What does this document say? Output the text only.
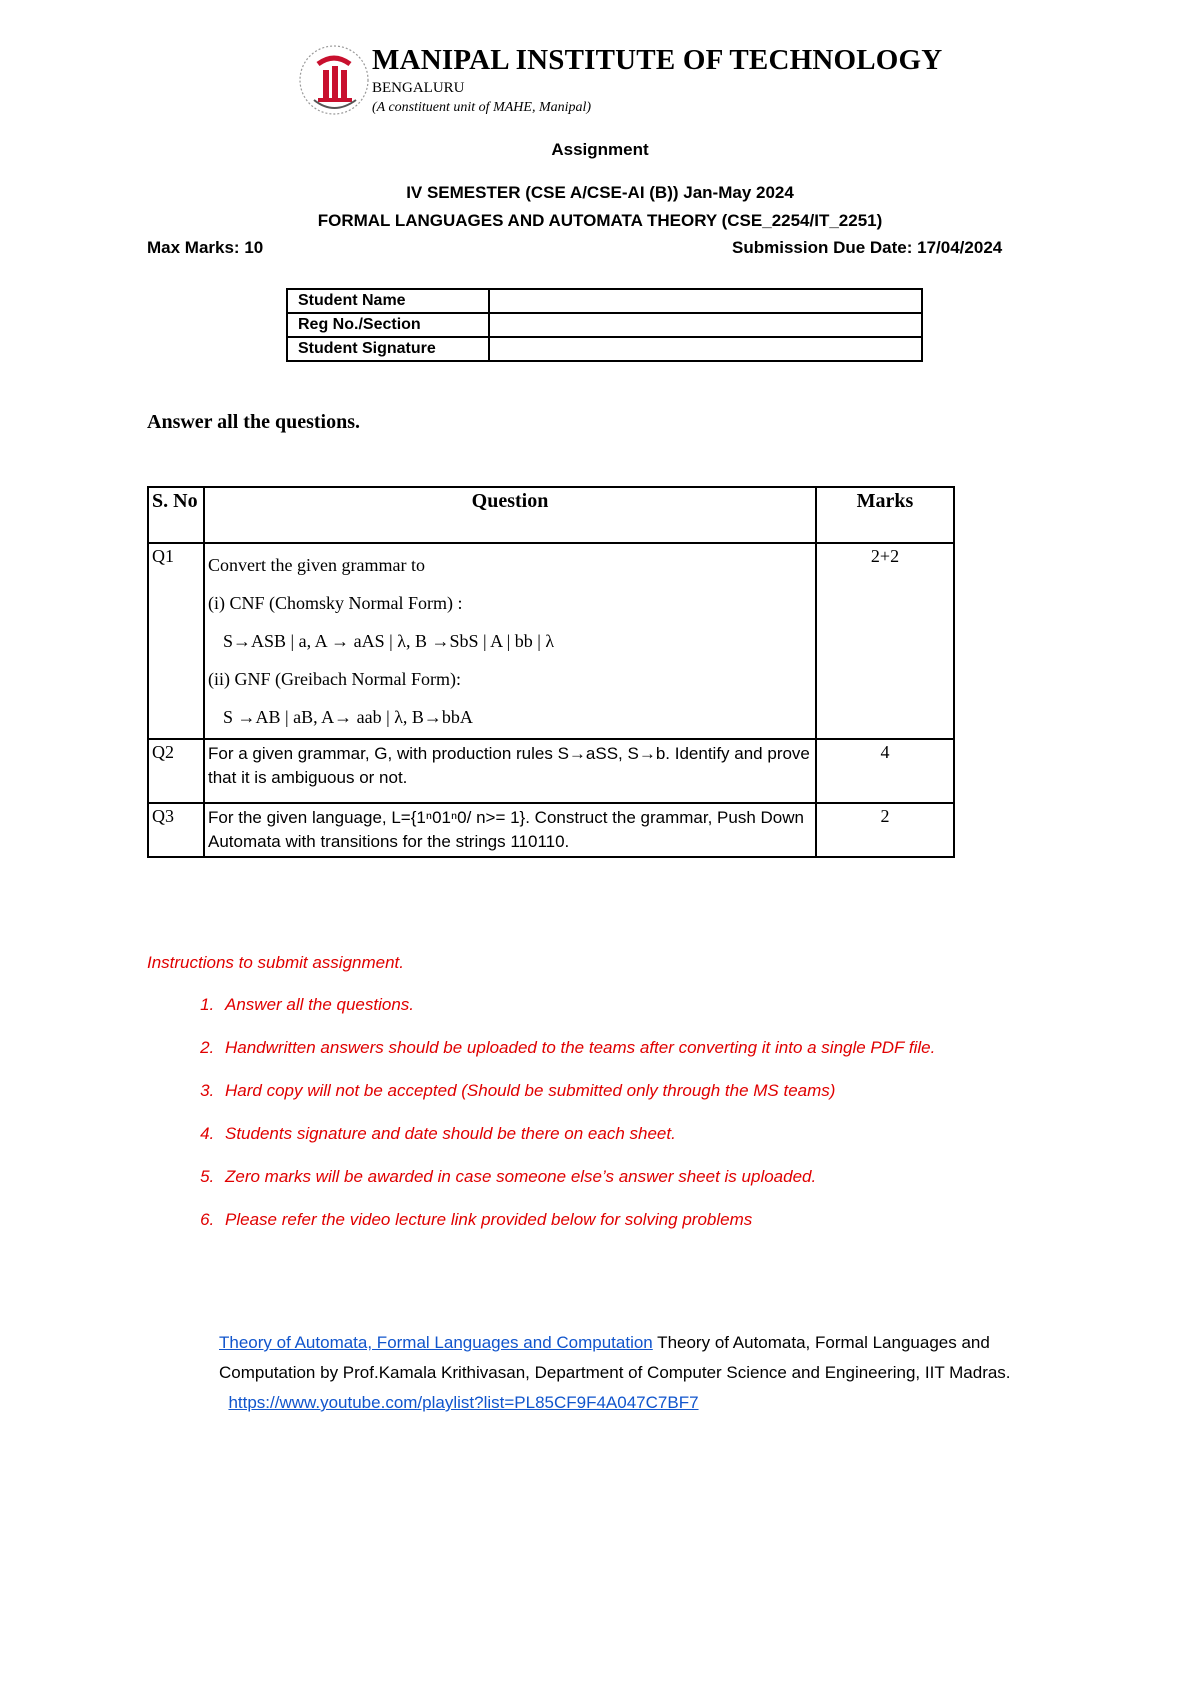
MANIPAL INSTITUTE OF TECHNOLOGY
BENGALURU
(A constituent unit of MAHE, Manipal)
Assignment
IV SEMESTER (CSE A/CSE-AI (B)) Jan-May 2024
FORMAL LANGUAGES AND AUTOMATA THEORY (CSE_2254/IT_2251)
Max Marks: 10	Submission Due Date: 17/04/2024
Student Name	
Reg No./Section	
Student Signature	
Answer all the questions.
S. No	Question	Marks
Q1	Convert the given grammar to
(i) CNF (Chomsky Normal Form) :
S→ASB | a, A → aAS | λ, B →SbS | A | bb | λ
(ii) GNF (Greibach Normal Form):
S →AB | aB, A→ aab | λ, B→bbA	2+2
Q2	For a given grammar, G, with production rules S→aSS, S→b. Identify and prove that it is ambiguous or not.	4
Q3	For the given language, L={1ⁿ01ⁿ0/ n>= 1}. Construct the grammar, Push Down Automata with transitions for the strings 110110.	2
Instructions to submit assignment.
1. Answer all the questions.
2. Handwritten answers should be uploaded to the teams after converting it into a single PDF file.
3. Hard copy will not be accepted (Should be submitted only through the MS teams)
4. Students signature and date should be there on each sheet.
5. Zero marks will be awarded in case someone else’s answer sheet is uploaded.
6. Please refer the video lecture link provided below for solving problems
Theory of Automata, Formal Languages and Computation Theory of Automata, Formal Languages and Computation by Prof.Kamala Krithivasan, Department of Computer Science and Engineering, IIT Madras.   https://www.youtube.com/playlist?list=PL85CF9F4A047C7BF7
